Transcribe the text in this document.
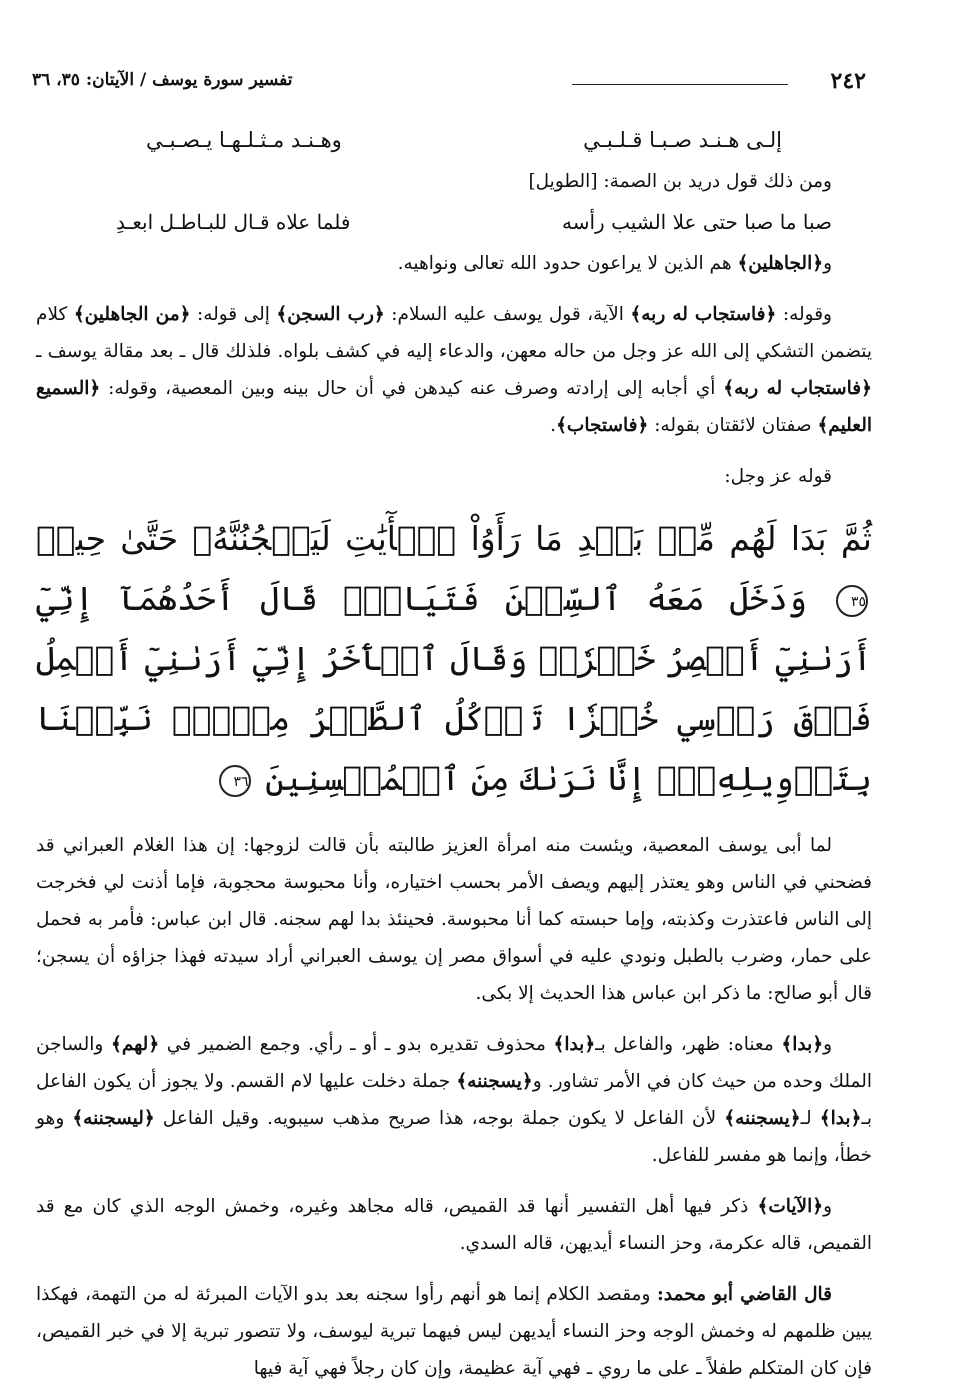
٢٤٢
تفسير سورة يوسف / الآيتان: ٣٥، ٣٦
إلـى هـنـد صـبـا قـلـبـي
وهـنـد مـثـلـهـا يـصـبـي

ومن ذلك قول دريد بن الصمة: [الطويل]

صبا ما صبا حتى علا الشيب رأسه
فلما علاه قـال للبـاطـل ابعـدِ

و﴿الجاهلين﴾ هم الذين لا يراعون حدود الله تعالى ونواهيه.

وقوله: ﴿فاستجاب له ربه﴾ الآية، قول يوسف عليه السلام: ﴿رب السجن﴾ إلى قوله: ﴿من الجاهلين﴾ كلام يتضمن التشكي إلى الله عز وجل من حاله معهن، والدعاء إليه في كشف بلواه. فلذلك قال ـ بعد مقالة يوسف ـ ﴿فاستجاب له ربه﴾ أي أجابه إلى إرادته وصرف عنه كيدهن في أن حال بينه وبين المعصية، وقوله: ﴿السميع العليم﴾ صفتان لائقتان بقوله: ﴿فاستجاب﴾.

قوله عز وجل:

ثُمَّ بَدَا لَهُم مِّنۢ بَعۡدِ مَا رَأَوُاْ ٱلۡأٓيَٰتِ لَيَسۡجُنُنَّهُۥ حَتَّىٰ حِينٖ ٣٥ وَدَخَلَ مَعَهُ ٱلسِّجۡنَ فَتَيَانِۖ قَالَ أَحَدُهُمَآ إِنِّيٓ أَرَىٰنِيٓ أَعۡصِرُ خَمۡرٗاۖ وَقَالَ ٱلۡأٓخَرُ إِنِّيٓ أَرَىٰنِيٓ أَحۡمِلُ فَوۡقَ رَأۡسِي خُبۡزٗا تَأۡكُلُ ٱلطَّيۡرُ مِنۡهُۖ نَبِّئۡنَا بِتَأۡوِيلِهِۦٓۖ إِنَّا نَرَىٰكَ مِنَ ٱلۡمُحۡسِنِينَ ٣٦

لما أبى يوسف المعصية، ويئست منه امرأة العزيز طالبته بأن قالت لزوجها: إن هذا الغلام العبراني قد فضحني في الناس وهو يعتذر إليهم ويصف الأمر بحسب اختياره، وأنا محبوسة محجوبة، فإما أذنت لي فخرجت إلى الناس فاعتذرت وكذبته، وإما حبسته كما أنا محبوسة. فحينئذ بدا لهم سجنه. قال ابن عباس: فأمر به فحمل على حمار، وضرب بالطبل ونودي عليه في أسواق مصر إن يوسف العبراني أراد سيدته فهذا جزاؤه أن يسجن؛ قال أبو صالح: ما ذكر ابن عباس هذا الحديث إلا بكى.

و﴿بدا﴾ معناه: ظهر، والفاعل بـ﴿بدا﴾ محذوف تقديره بدو ـ أو ـ رأي. وجمع الضمير في ﴿لهم﴾ والساجن الملك وحده من حيث كان في الأمر تشاور. و﴿يسجننه﴾ جملة دخلت عليها لام القسم. ولا يجوز أن يكون الفاعل بـ﴿بدا﴾ لـ﴿يسجننه﴾ لأن الفاعل لا يكون جملة بوجه، هذا صريح مذهب سيبويه. وقيل الفاعل ﴿ليسجننه﴾ وهو خطأ، وإنما هو مفسر للفاعل.

و﴿الآيات﴾ ذكر فيها أهل التفسير أنها قد القميص، قاله مجاهد وغيره، وخمش الوجه الذي كان مع قد القميص، قاله عكرمة، وحز النساء أيديهن، قاله السدي.

قال القاضي أبو محمد: ومقصد الكلام إنما هو أنهم رأوا سجنه بعد بدو الآيات المبرئة له من التهمة، فهكذا يبين ظلمهم له وخمش الوجه وحز النساء أيديهن ليس فيهما تبرية ليوسف، ولا تتصور تبرية إلا في خبر القميص، فإن كان المتكلم طفلاً ـ على ما روي ـ فهي آية عظيمة، وإن كان رجلاً فهي آية فيها
